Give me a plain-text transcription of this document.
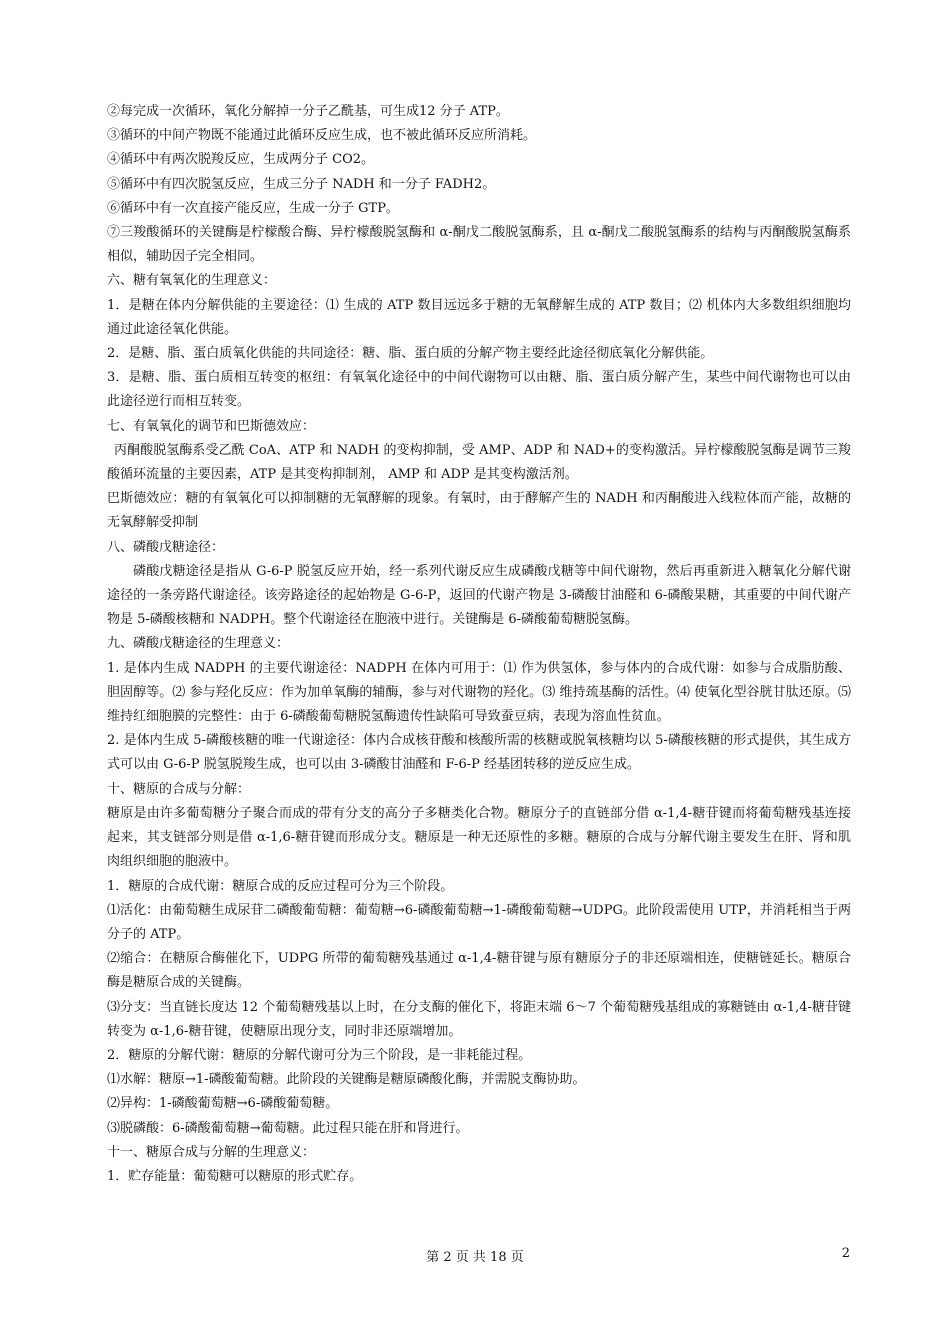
②每完成一次循环，氧化分解掉一分子乙酰基，可生成12 分子 ATP。

③循环的中间产物既不能通过此循环反应生成，也不被此循环反应所消耗。

④循环中有两次脱羧反应，生成两分子 CO2。

⑤循环中有四次脱氢反应，生成三分子 NADH 和一分子 FADH2。

⑥循环中有一次直接产能反应，生成一分子 GTP。

⑦三羧酸循环的关键酶是柠檬酸合酶、异柠檬酸脱氢酶和 α-酮戊二酸脱氢酶系，且 α-酮戊二酸脱氢酶系的结构与丙酮酸脱氢酶系相似，辅助因子完全相同。

六、糖有氧氧化的生理意义：

1．是糖在体内分解供能的主要途径：⑴ 生成的 ATP 数目远远多于糖的无氧酵解生成的 ATP 数目；⑵ 机体内大多数组织细胞均通过此途径氧化供能。

2．是糖、脂、蛋白质氧化供能的共同途径：糖、脂、蛋白质的分解产物主要经此途径彻底氧化分解供能。

3．是糖、脂、蛋白质相互转变的枢纽：有氧氧化途径中的中间代谢物可以由糖、脂、蛋白质分解产生，某些中间代谢物也可以由此途径逆行而相互转变。

七、有氧氧化的调节和巴斯德效应：

丙酮酸脱氢酶系受乙酰 CoA、ATP 和 NADH 的变构抑制，受 AMP、ADP 和 NAD+的变构激活。异柠檬酸脱氢酶是调节三羧酸循环流量的主要因素，ATP 是其变构抑制剂， AMP 和 ADP 是其变构激活剂。

巴斯德效应：糖的有氧氧化可以抑制糖的无氧酵解的现象。有氧时，由于酵解产生的 NADH 和丙酮酸进入线粒体而产能，故糖的无氧酵解受抑制

八、磷酸戊糖途径：

磷酸戊糖途径是指从 G-6-P 脱氢反应开始，经一系列代谢反应生成磷酸戊糖等中间代谢物，然后再重新进入糖氧化分解代谢途径的一条旁路代谢途径。该旁路途径的起始物是 G-6-P，返回的代谢产物是 3-磷酸甘油醛和 6-磷酸果糖，其重要的中间代谢产物是 5-磷酸核糖和 NADPH。整个代谢途径在胞液中进行。关键酶是 6-磷酸葡萄糖脱氢酶。

九、磷酸戊糖途径的生理意义：

1. 是体内生成 NADPH 的主要代谢途径：NADPH 在体内可用于：⑴ 作为供氢体，参与体内的合成代谢：如参与合成脂肪酸、胆固醇等。⑵ 参与羟化反应：作为加单氧酶的辅酶，参与对代谢物的羟化。⑶ 维持巯基酶的活性。⑷ 使氧化型谷胱甘肽还原。⑸ 维持红细胞膜的完整性：由于 6-磷酸葡萄糖脱氢酶遗传性缺陷可导致蚕豆病，表现为溶血性贫血。

2. 是体内生成 5-磷酸核糖的唯一代谢途径：体内合成核苷酸和核酸所需的核糖或脱氧核糖均以 5-磷酸核糖的形式提供，其生成方式可以由 G-6-P 脱氢脱羧生成，也可以由 3-磷酸甘油醛和 F-6-P 经基团转移的逆反应生成。

十、糖原的合成与分解：

糖原是由许多葡萄糖分子聚合而成的带有分支的高分子多糖类化合物。糖原分子的直链部分借 α-1,4-糖苷键而将葡萄糖残基连接起来，其支链部分则是借 α-1,6-糖苷键而形成分支。糖原是一种无还原性的多糖。糖原的合成与分解代谢主要发生在肝、肾和肌肉组织细胞的胞液中。

1．糖原的合成代谢：糖原合成的反应过程可分为三个阶段。

⑴活化：由葡萄糖生成尿苷二磷酸葡萄糖：葡萄糖→6-磷酸葡萄糖→1-磷酸葡萄糖→UDPG。此阶段需使用 UTP，并消耗相当于两分子的 ATP。

⑵缩合：在糖原合酶催化下，UDPG 所带的葡萄糖残基通过 α-1,4-糖苷键与原有糖原分子的非还原端相连，使糖链延长。糖原合酶是糖原合成的关键酶。

⑶分支：当直链长度达 12 个葡萄糖残基以上时，在分支酶的催化下，将距末端 6～7 个葡萄糖残基组成的寡糖链由 α-1,4-糖苷键转变为 α-1,6-糖苷键，使糖原出现分支，同时非还原端增加。

2．糖原的分解代谢：糖原的分解代谢可分为三个阶段，是一非耗能过程。

⑴水解：糖原→1-磷酸葡萄糖。此阶段的关键酶是糖原磷酸化酶，并需脱支酶协助。

⑵异构：1-磷酸葡萄糖→6-磷酸葡萄糖。

⑶脱磷酸：6-磷酸葡萄糖→葡萄糖。此过程只能在肝和肾进行。

十一、糖原合成与分解的生理意义：

1．贮存能量：葡萄糖可以糖原的形式贮存。

第 2 页 共 18 页	2
